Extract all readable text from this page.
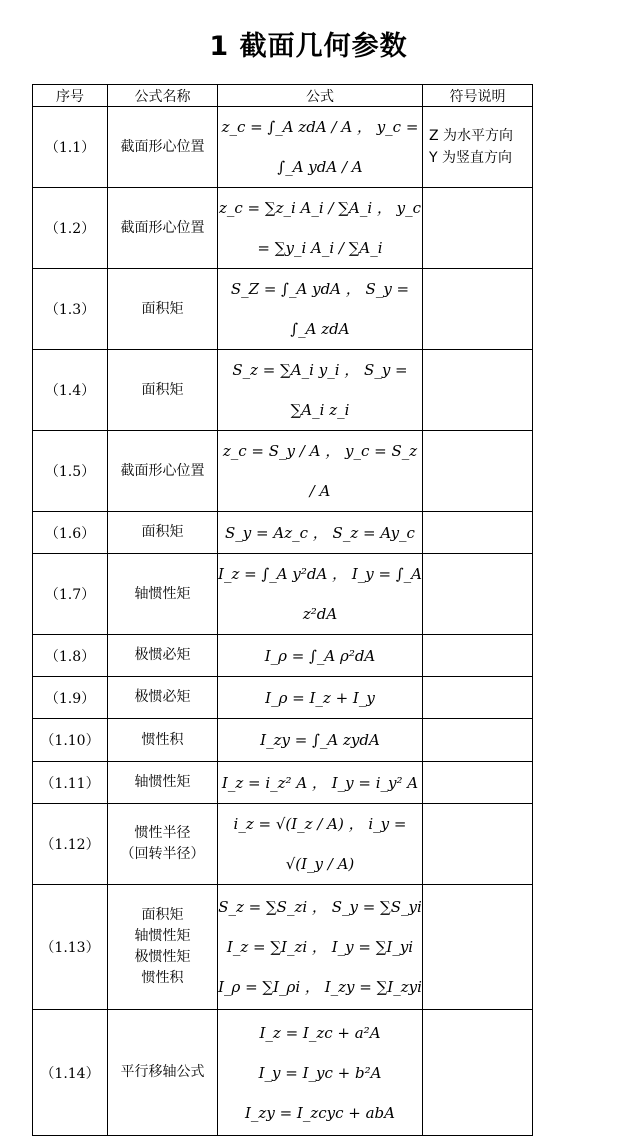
1 截面几何参数
序号	公式名称	公式	符号说明
（1.1）	截面形心位置	z_c = ∫_A zdA / A ， y_c = ∫_A ydA / A	Z 为水平方向
Y 为竖直方向

（1.2）	截面形心位置	z_c = ∑z_i A_i / ∑A_i ， y_c = ∑y_i A_i / ∑A_i	

（1.3）	面积矩	S_Z = ∫_A ydA ， S_y = ∫_A zdA	

（1.4）	面积矩	S_z = ∑A_i y_i ， S_y = ∑A_i z_i	

（1.5）	截面形心位置	z_c = S_y / A ， y_c = S_z / A	

（1.6）	面积矩	S_y = Az_c ， S_z = Ay_c	

（1.7）	轴惯性矩	I_z = ∫_A y²dA ， I_y = ∫_A z²dA	

（1.8）	极惯必矩	I_ρ = ∫_A ρ²dA	

（1.9）	极惯必矩	I_ρ = I_z + I_y	

（1.10）	惯性积	I_zy = ∫_A zydA	

（1.11）	轴惯性矩	I_z = i_z² A ， I_y = i_y² A	

（1.12）	惯性半径
（回转半径）	i_z = √(I_z / A) ， i_y = √(I_y / A)	

（1.13）	面积矩
轴惯性矩
极惯性矩
惯性积	S_z = ∑S_zi ， S_y = ∑S_yi
I_z = ∑I_zi ， I_y = ∑I_yi
I_ρ = ∑I_ρi ， I_zy = ∑I_zyi	

（1.14）	平行移轴公式	I_z = I_zc + a²A
I_y = I_yc + b²A
I_zy = I_zcyc + abA	
